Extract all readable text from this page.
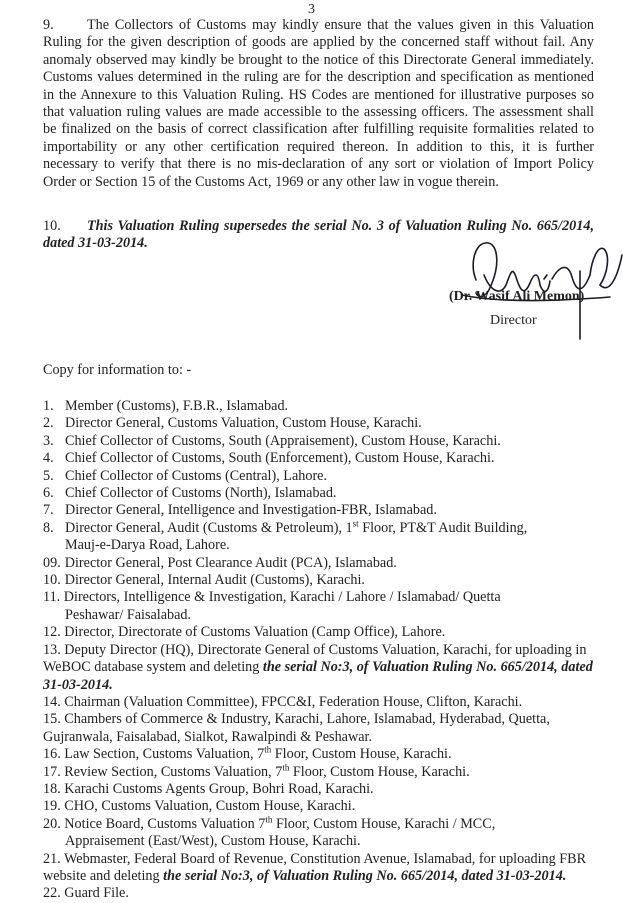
3
9. The Collectors of Customs may kindly ensure that the values given in this Valuation Ruling for the given description of goods are applied by the concerned staff without fail. Any anomaly observed may kindly be brought to the notice of this Directorate General immediately. Customs values determined in the ruling are for the description and specification as mentioned in the Annexure to this Valuation Ruling. HS Codes are mentioned for illustrative purposes so that valuation ruling values are made accessible to the assessing officers. The assessment shall be finalized on the basis of correct classification after fulfilling requisite formalities related to importability or any other certification required thereon. In addition to this, it is further necessary to verify that there is no mis-declaration of any sort or violation of Import Policy Order or Section 15 of the Customs Act, 1969 or any other law in vogue therein.
10. This Valuation Ruling supersedes the serial No. 3 of Valuation Ruling No. 665/2014, dated 31-03-2014.
(Dr. Wasif Ali Memon)
Director
Copy for information to: -
1. Member (Customs), F.B.R., Islamabad.
2. Director General, Customs Valuation, Custom House, Karachi.
3. Chief Collector of Customs, South (Appraisement), Custom House, Karachi.
4. Chief Collector of Customs, South (Enforcement), Custom House, Karachi.
5. Chief Collector of Customs (Central), Lahore.
6. Chief Collector of Customs (North), Islamabad.
7. Director General, Intelligence and Investigation-FBR, Islamabad.
8. Director General, Audit (Customs & Petroleum), 1st Floor, PT&T Audit Building,
Mauj-e-Darya Road, Lahore.
09. Director General, Post Clearance Audit (PCA), Islamabad.
10. Director General, Internal Audit (Customs), Karachi.
11. Directors, Intelligence & Investigation, Karachi / Lahore / Islamabad/ Quetta
Peshawar/ Faisalabad.
12. Director, Directorate of Customs Valuation (Camp Office), Lahore.
13. Deputy Director (HQ), Directorate General of Customs Valuation, Karachi, for uploading in WeBOC database system and deleting the serial No:3, of Valuation Ruling No. 665/2014, dated 31-03-2014.
14. Chairman (Valuation Committee), FPCC&I, Federation House, Clifton, Karachi.
15. Chambers of Commerce & Industry, Karachi, Lahore, Islamabad, Hyderabad, Quetta, Gujranwala, Faisalabad, Sialkot, Rawalpindi & Peshawar.
16. Law Section, Customs Valuation, 7th Floor, Custom House, Karachi.
17. Review Section, Customs Valuation, 7th Floor, Custom House, Karachi.
18. Karachi Customs Agents Group, Bohri Road, Karachi.
19. CHO, Customs Valuation, Custom House, Karachi.
20. Notice Board, Customs Valuation 7th Floor, Custom House, Karachi / MCC,
Appraisement (East/West), Custom House, Karachi.
21. Webmaster, Federal Board of Revenue, Constitution Avenue, Islamabad, for uploading FBR website and deleting the serial No:3, of Valuation Ruling No. 665/2014, dated 31-03-2014.
22. Guard File.
